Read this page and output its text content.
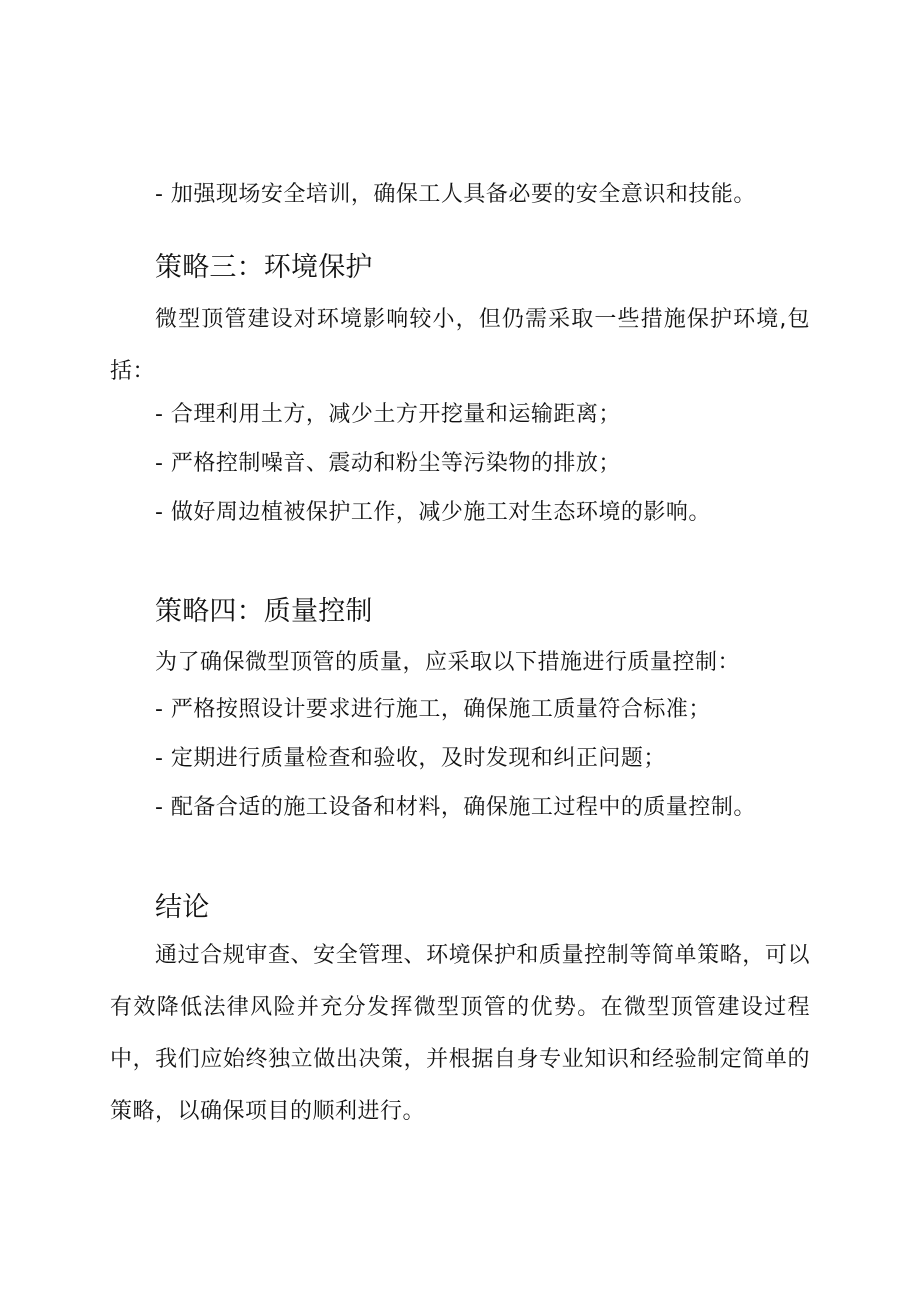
- 加强现场安全培训，确保工人具备必要的安全意识和技能。
策略三：环境保护
微型顶管建设对环境影响较小，但仍需采取一些措施保护环境,包括：
- 合理利用土方，减少土方开挖量和运输距离；
- 严格控制噪音、震动和粉尘等污染物的排放；
- 做好周边植被保护工作，减少施工对生态环境的影响。
策略四：质量控制
为了确保微型顶管的质量，应采取以下措施进行质量控制：
- 严格按照设计要求进行施工，确保施工质量符合标准；
- 定期进行质量检查和验收，及时发现和纠正问题；
- 配备合适的施工设备和材料，确保施工过程中的质量控制。
结论
通过合规审查、安全管理、环境保护和质量控制等简单策略，可以有效降低法律风险并充分发挥微型顶管的优势。在微型顶管建设过程中，我们应始终独立做出决策，并根据自身专业知识和经验制定简单的策略，以确保项目的顺利进行。
